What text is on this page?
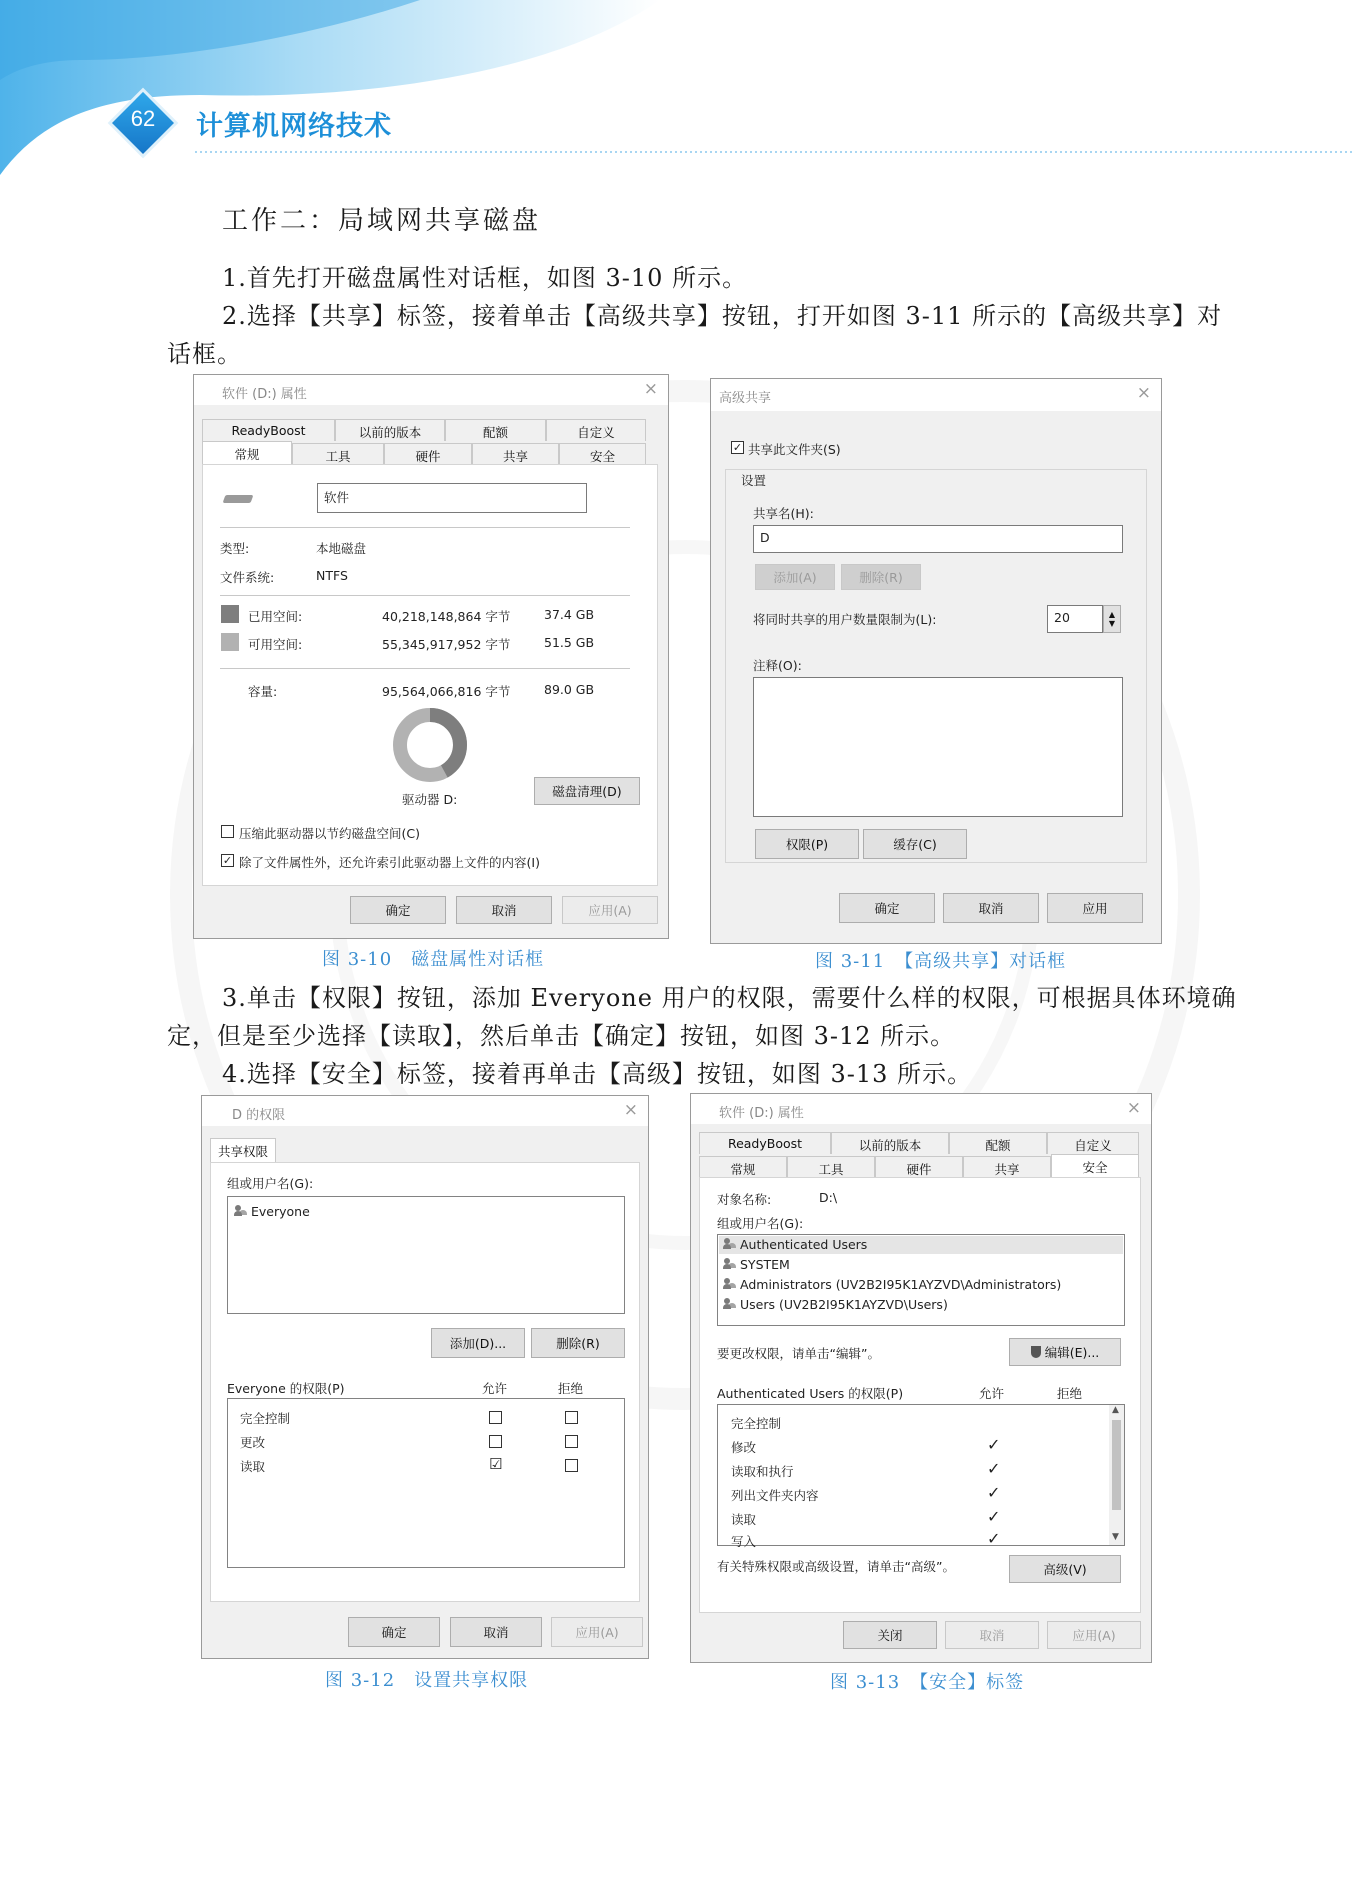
62	计算机网络技术
工作二：局域网共享磁盘
1.首先打开磁盘属性对话框，如图 3-10 所示。
2.选择【共享】标签，接着单击【高级共享】按钮，打开如图 3-11 所示的【高级共享】对
话框。
软件 (D:) 属性	×
ReadyBoost	以前的版本	配额	自定义
常规	工具	硬件	共享	安全
软件
类型:	本地磁盘
文件系统:	NTFS
已用空间:	40,218,148,864 字节	37.4 GB
可用空间:	55,345,917,952 字节	51.5 GB
容量:	95,564,066,816 字节	89.0 GB
驱动器 D:
磁盘清理(D)
压缩此驱动器以节约磁盘空间(C)
✓ 除了文件属性外，还允许索引此驱动器上文件的内容(I)
确定	取消	应用(A)
图 3-10　磁盘属性对话框
高级共享	×
✓ 共享此文件夹(S)
设置
共享名(H):
D
添加(A)	删除(R)
将同时共享的用户数量限制为(L):	20	▲
▼
注释(O):
权限(P)	缓存(C)
确定	取消	应用
图 3-11　【高级共享】对话框
3.单击【权限】按钮，添加 Everyone 用户的权限，需要什么样的权限，可根据具体环境确
定，但是至少选择【读取】，然后单击【确定】按钮，如图 3-12 所示。
4.选择【安全】标签，接着再单击【高级】按钮，如图 3-13 所示。
D 的权限	×
共享权限
组或用户名(G):
Everyone
添加(D)...	删除(R)
Everyone 的权限(P)	允许	拒绝
完全控制
更改
读取	☑
确定	取消	应用(A)
图 3-12　设置共享权限
软件 (D:) 属性	×
ReadyBoost	以前的版本	配额	自定义
常规	工具	硬件	共享	安全
对象名称:	D:\
组或用户名(G):
Authenticated Users
SYSTEM
Administrators (UV2B2I95K1AYZVD\Administrators)
Users (UV2B2I95K1AYZVD\Users)
要更改权限，请单击“编辑”。	编辑(E)...
Authenticated Users 的权限(P)	允许	拒绝
▲
▼
完全控制
修改	✓
读取和执行	✓
列出文件夹内容	✓
读取	✓
写入	✓
有关特殊权限或高级设置，请单击“高级”。	高级(V)
关闭	取消	应用(A)
图 3-13　【安全】标签
